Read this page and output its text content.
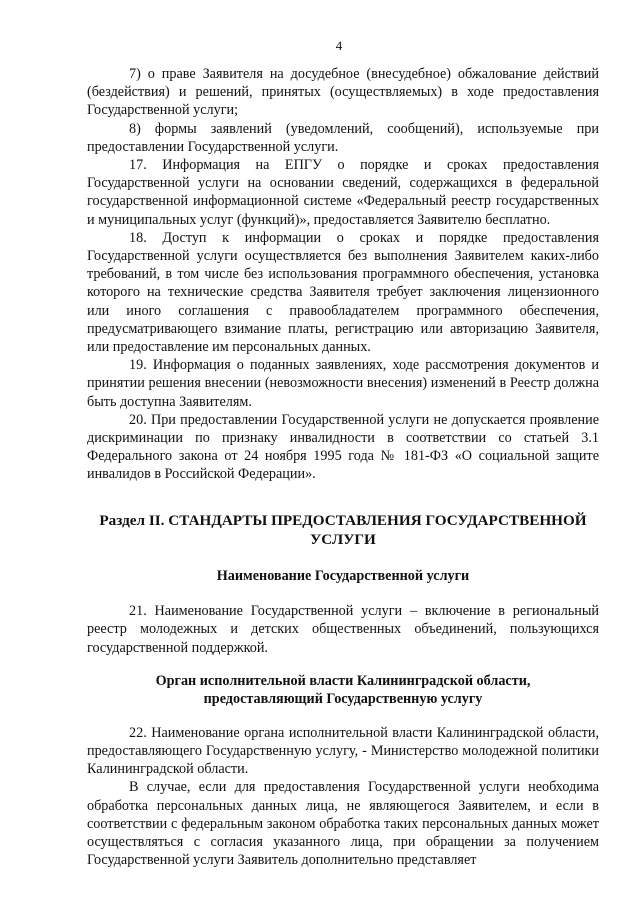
4

7) о праве Заявителя на досудебное (внесудебное) обжалование действий (бездействия) и решений, принятых (осуществляемых) в ходе предоставления Государственной услуги;

8) формы заявлений (уведомлений, сообщений), используемые при предоставлении Государственной услуги.

17. Информация на ЕПГУ о порядке и сроках предоставления Государственной услуги на основании сведений, содержащихся в федеральной государственной информационной системе «Федеральный реестр государственных и муниципальных услуг (функций)», предоставляется Заявителю бесплатно.

18. Доступ к информации о сроках и порядке предоставления Государственной услуги осуществляется без выполнения Заявителем каких-либо требований, в том числе без использования программного обеспечения, установка которого на технические средства Заявителя требует заключения лицензионного или иного соглашения с правообладателем программного обеспечения, предусматривающего взимание платы, регистрацию или авторизацию Заявителя, или предоставление им персональных данных.

19. Информация о поданных заявлениях, ходе рассмотрения документов и принятии решения внесении (невозможности внесения) изменений в Реестр должна быть доступна Заявителям.

20. При предоставлении Государственной услуги не допускается проявление дискриминации по признаку инвалидности в соответствии со статьей 3.1 Федерального закона от 24 ноября 1995 года № 181-ФЗ «О социальной защите инвалидов в Российской Федерации».

Раздел II. СТАНДАРТЫ ПРЕДОСТАВЛЕНИЯ ГОСУДАРСТВЕННОЙ УСЛУГИ
Наименование Государственной услуги

21. Наименование Государственной услуги – включение в региональный реестр молодежных и детских общественных объединений, пользующихся государственной поддержкой.

Орган исполнительной власти Калининградской области,
предоставляющий Государственную услугу

22. Наименование органа исполнительной власти Калининградской области, предоставляющего Государственную услугу, - Министерство молодежной политики Калининградской области.

В случае, если для предоставления Государственной услуги необходима обработка персональных данных лица, не являющегося Заявителем, и если в соответствии с федеральным законом обработка таких персональных данных может осуществляться с согласия указанного лица, при обращении за получением Государственной услуги Заявитель дополнительно представляет
